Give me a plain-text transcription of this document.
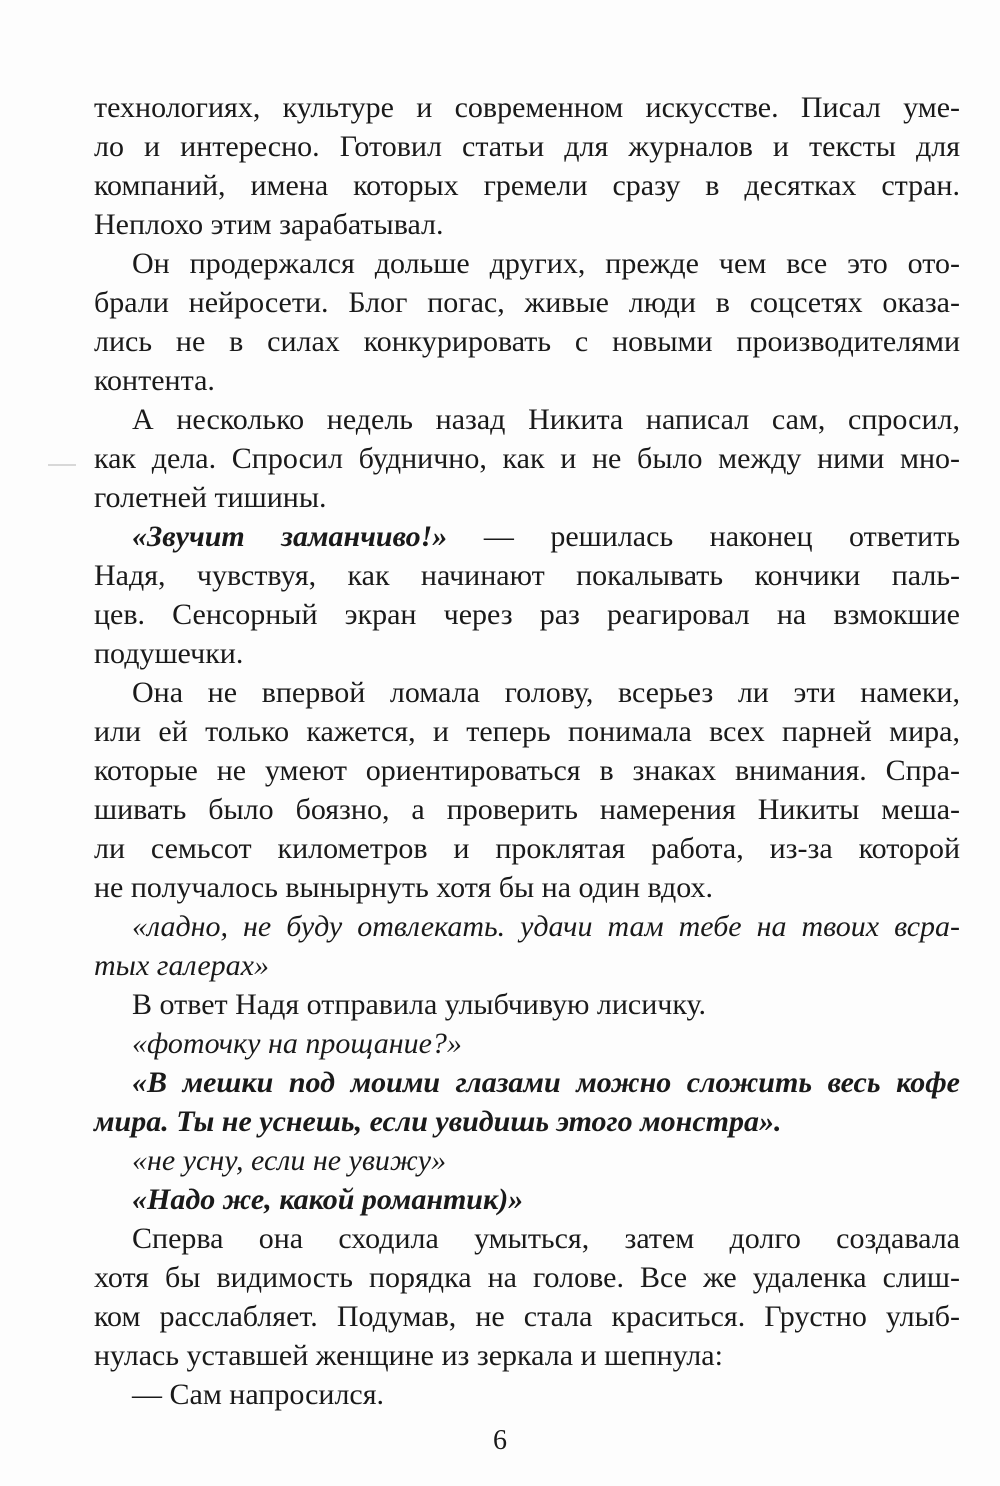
технологиях, культуре и современном искусстве. Писал уме-
ло и интересно. Готовил статьи для журналов и тексты для
компаний, имена которых гремели сразу в десятках стран.
Неплохо этим зарабатывал.
Он продержался дольше других, прежде чем все это ото-
брали нейросети. Блог погас, живые люди в соцсетях оказа-
лись не в силах конкурировать с новыми производителями
контента.
А несколько недель назад Никита написал сам, спросил,
как дела. Спросил буднично, как и не было между ними мно-
голетней тишины.
«Звучит заманчиво!» — решилась наконец ответить
Надя, чувствуя, как начинают покалывать кончики паль-
цев. Сенсорный экран через раз реагировал на взмокшие
подушечки.
Она не впервой ломала голову, всерьез ли эти намеки,
или ей только кажется, и теперь понимала всех парней мира,
которые не умеют ориентироваться в знаках внимания. Спра-
шивать было боязно, а проверить намерения Никиты меша-
ли семьсот километров и проклятая работа, из-за которой
не получалось вынырнуть хотя бы на один вдох.
«ладно, не буду отвлекать. удачи там тебе на твоих всра-
тых галерах»
В ответ Надя отправила улыбчивую лисичку.
«фоточку на прощание?»
«В мешки под моими глазами можно сложить весь кофе
мира. Ты не уснешь, если увидишь этого монстра».
«не усну, если не увижу»
«Надо же, какой романтик)»
Сперва она сходила умыться, затем долго создавала
хотя бы видимость порядка на голове. Все же удаленка слиш-
ком расслабляет. Подумав, не стала краситься. Грустно улыб-
нулась уставшей женщине из зеркала и шепнула:
— Сам напросился.
6
